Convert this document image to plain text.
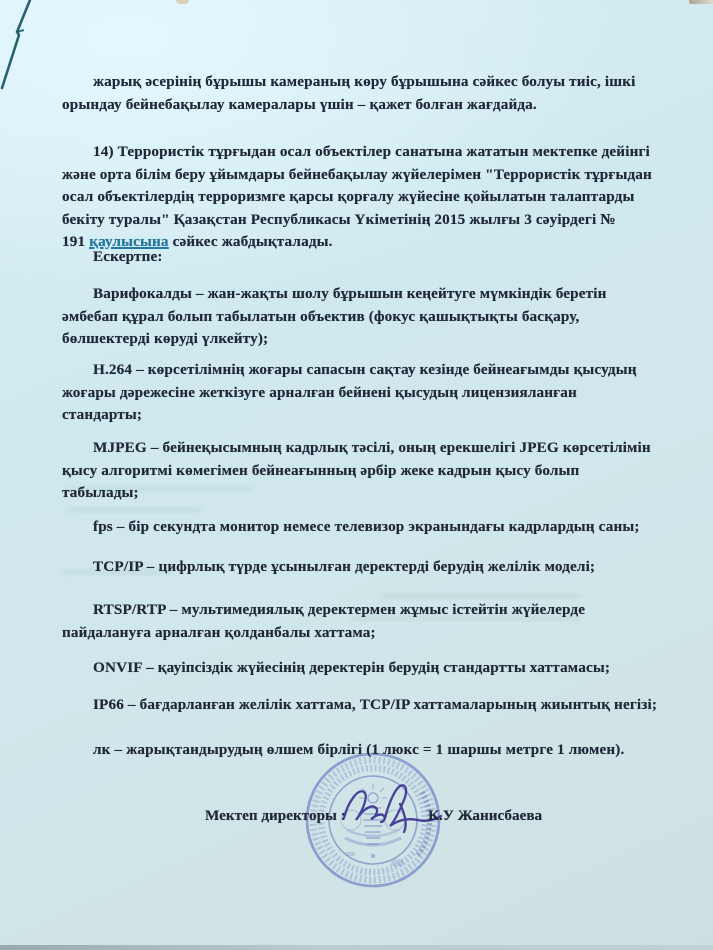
жарық әсерінің бұрышы камераның көру бұрышына сәйкес болуы тиіс, ішкі
орындау бейнебақылау камералары үшін – қажет болған жағдайда.
14) Террористік тұрғыдан осал объектілер санатына жататын мектепке дейінгі
және орта білім беру ұйымдары бейнебақылау жүйелерімен "Террористік тұрғыдан
осал объектілердің терроризмге қарсы қорғалу жүйесіне қойылатын талаптарды
бекіту туралы" Қазақстан Республикасы Үкіметінің 2015 жылғы 3 сәуірдегі №
191 қаулысына сәйкес жабдықталады.
Ескертпе:
Варифокалды – жан-жақты шолу бұрышын кеңейтуге мүмкіндік беретін
әмбебап құрал болып табылатын объектив (фокус қашықтықты басқару,
бөлшектерді көруді үлкейту);
Н.264 – көрсетілімнің жоғары сапасын сақтау кезінде бейнеағымды қысудың
жоғары дәрежесіне жеткізуге арналған бейнені қысудың лицензияланған
стандарты;
MJPEG – бейнеқысымның кадрлық тәсілі, оның ерекшелігі JPEG көрсетілімін
қысу алгоритмі көмегімен бейнеағынның әрбір жеке кадрын қысу болып
табылады;
fps – бір секундта монитор немесе телевизор экранындағы кадрлардың саны;
TCP/IP – цифрлық түрде ұсынылған деректерді берудің желілік моделі;
RTSP/RTP – мультимедиялық деректермен жұмыс істейтін жүйелерде
пайдалануға арналған қолданбалы хаттама;
ONVIF – қауіпсіздік жүйесінің деректерін берудің стандартты хаттамасы;
IP66 – бағдарланған желілік хаттама, TCP/IP хаттамаларының жиынтық негізі;
лк – жарықтандырудың өлшем бірлігі (1 люкс = 1 шаршы метрге 1 люмен).
Мектеп директоры :	К.У Жанисбаева
